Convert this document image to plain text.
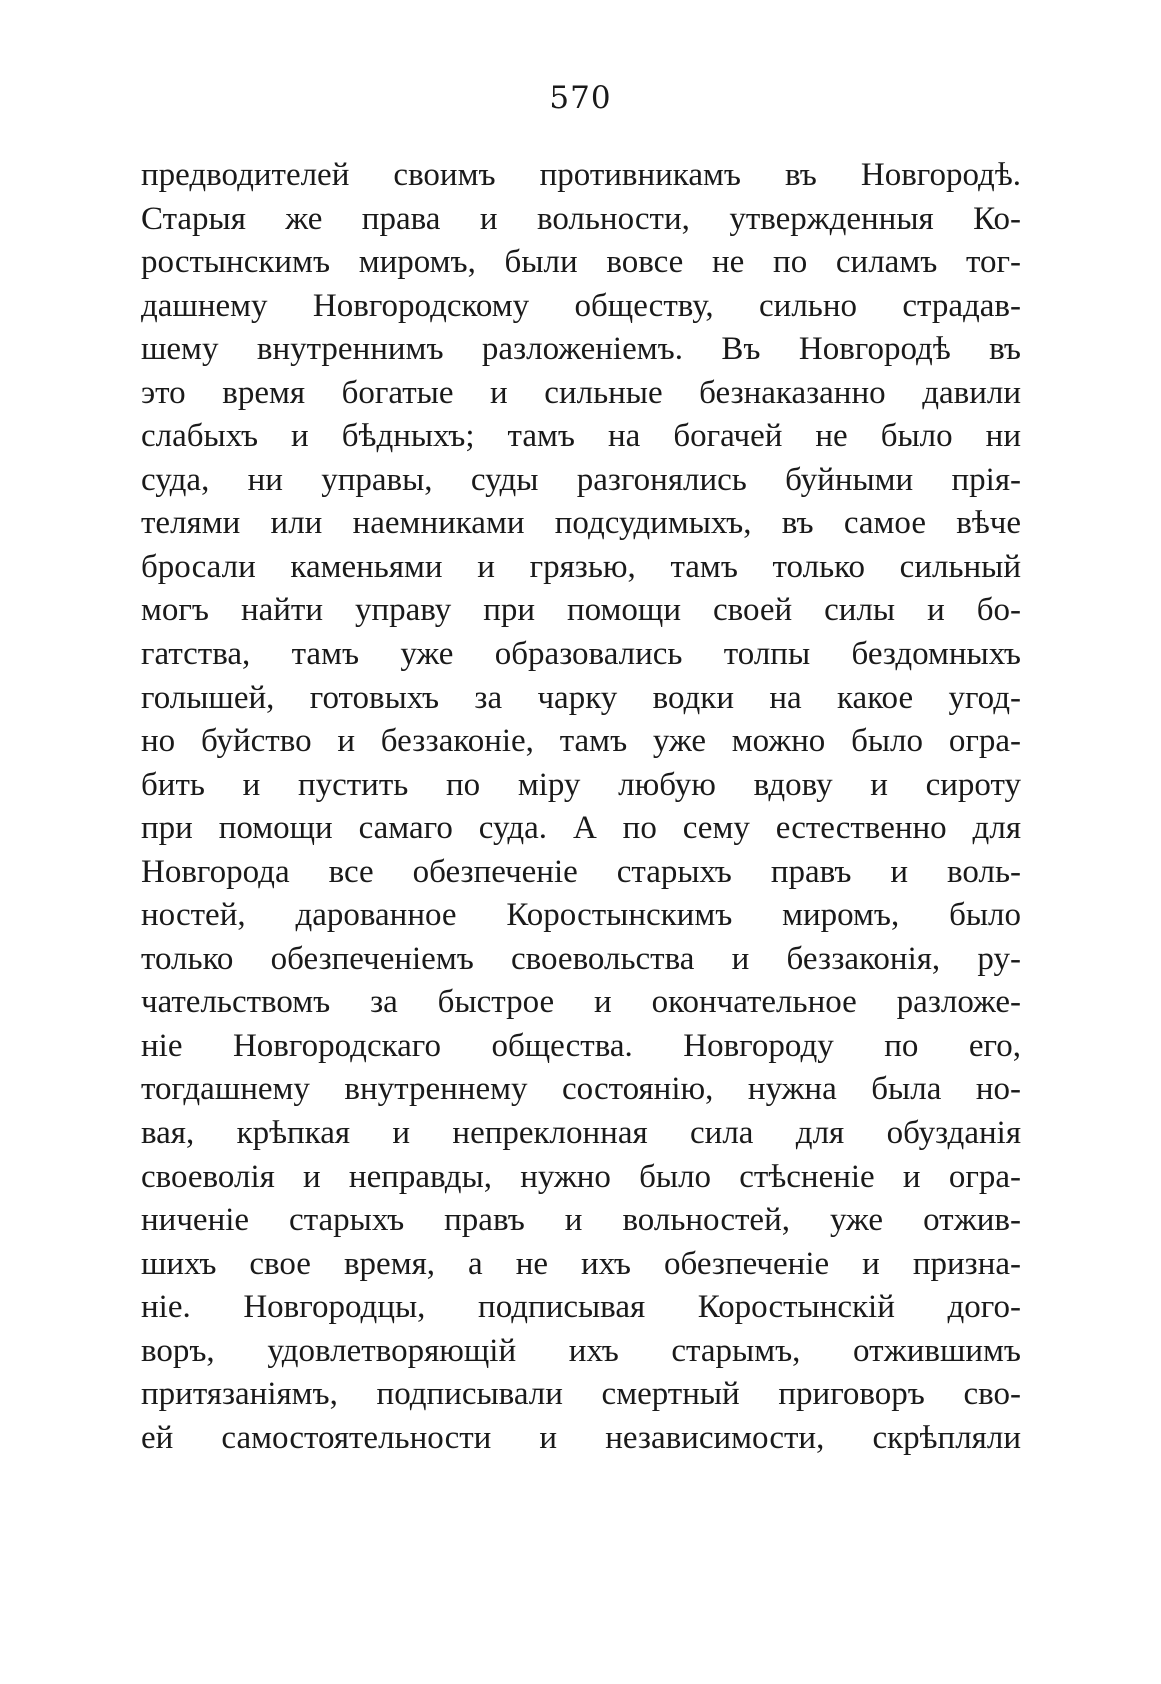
570
предводителей своимъ противникамъ въ Новгородѣ.
Старыя же права и вольности, утвержденныя Ко-
ростынскимъ миромъ, были вовсе не по силамъ тог-
дашнему Новгородскому обществу, сильно страдав-
шему внутреннимъ разложеніемъ. Въ Новгородѣ въ
это время богатые и сильные безнаказанно давили
слабыхъ и бѣдныхъ; тамъ на богачей не было ни
суда, ни управы, суды разгонялись буйными прія-
телями или наемниками подсудимыхъ, въ самое вѣче
бросали каменьями и грязью, тамъ только сильный
могъ найти управу при помощи своей силы и бо-
гатства, тамъ уже образовались толпы бездомныхъ
голышей, готовыхъ за чарку водки на какое угод-
но буйство и беззаконіе, тамъ уже можно было огра-
бить и пустить по міру любую вдову и сироту
при помощи самаго суда. А по сему естественно для
Новгорода все обезпеченіе старыхъ правъ и воль-
ностей, дарованное Коростынскимъ миромъ, было
только обезпеченіемъ своевольства и беззаконія, ру-
чательствомъ за быстрое и окончательное разложе-
ніе Новгородскаго общества. Новгороду по его,
тогдашнему внутреннему состоянію, нужна была но-
вая, крѣпкая и непреклонная сила для обузданія
своеволія и неправды, нужно было стѣсненіе и огра-
ниченіе старыхъ правъ и вольностей, уже отжив-
шихъ свое время, а не ихъ обезпеченіе и призна-
ніе. Новгородцы, подписывая Коростынскій дого-
воръ, удовлетворяющій ихъ старымъ, отжившимъ
притязаніямъ, подписывали смертный приговоръ сво-
ей самостоятельности и независимости, скрѣпляли
